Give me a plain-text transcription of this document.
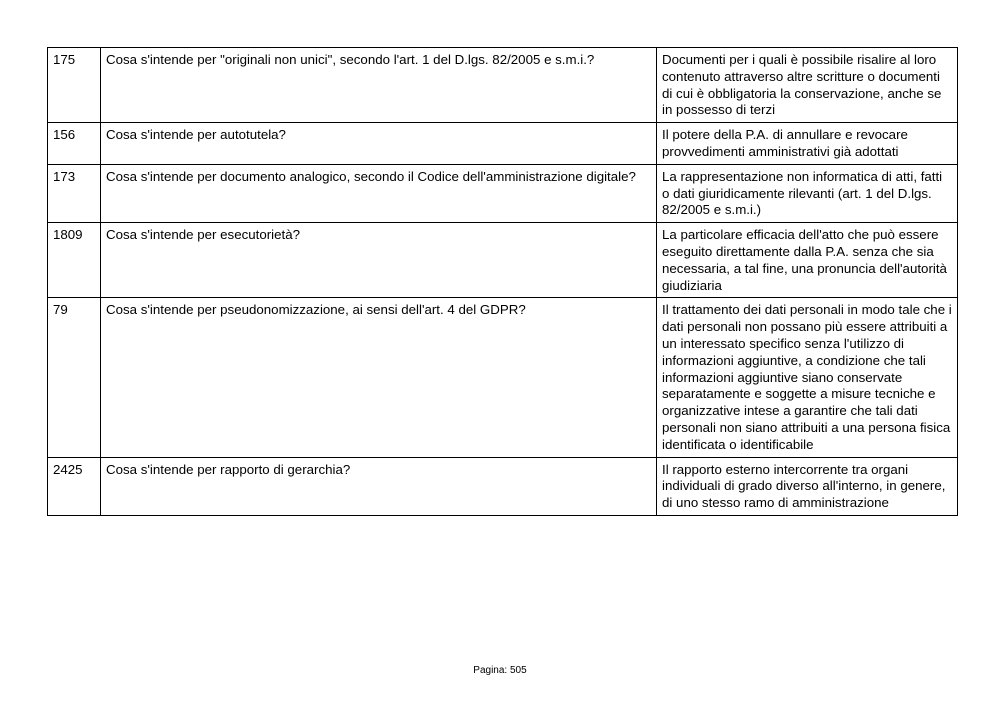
175	Cosa s'intende per "originali non unici", secondo l'art. 1 del D.lgs. 82/2005 e s.m.i.?	Documenti per i quali è possibile risalire al loro contenuto attraverso altre scritture o documenti di cui è obbligatoria la conservazione, anche se in possesso di terzi
156	Cosa s'intende per autotutela?	Il potere della P.A. di annullare e revocare provvedimenti amministrativi già adottati
173	Cosa s'intende per documento analogico, secondo il Codice dell'amministrazione digitale?	La rappresentazione non informatica di atti, fatti o dati giuridicamente rilevanti (art. 1 del D.lgs. 82/2005 e s.m.i.)
1809	Cosa s'intende per esecutorietà?	La particolare efficacia dell'atto che può essere eseguito direttamente dalla P.A. senza che sia necessaria, a tal fine, una pronuncia dell'autorità giudiziaria
79	Cosa s'intende per pseudonomizzazione, ai sensi dell'art. 4 del GDPR?	Il trattamento dei dati personali in modo tale che i dati personali non possano più essere attribuiti a un interessato specifico senza l'utilizzo di informazioni aggiuntive, a condizione che tali informazioni aggiuntive siano conservate separatamente e soggette a misure tecniche e organizzative intese a garantire che tali dati personali non siano attribuiti a una persona fisica identificata o identificabile
2425	Cosa s'intende per rapporto di gerarchia?	Il rapporto esterno intercorrente tra organi individuali di grado diverso all'interno, in genere, di uno stesso ramo di amministrazione
Pagina: 505
